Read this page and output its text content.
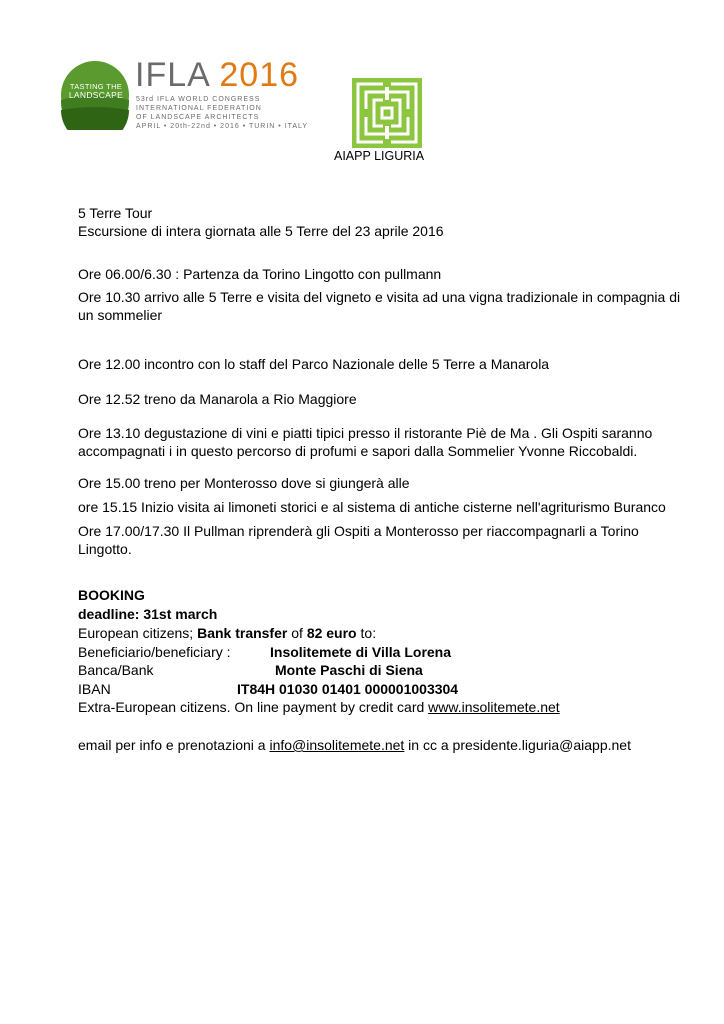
TASTING THE
LANDSCAPE
IFLA 2016
53rd IFLA WORLD CONGRESS
INTERNATIONAL FEDERATION
OF LANDSCAPE ARCHITECTS
APRIL • 20th-22nd • 2016 • TURIN • ITALY
AIAPP LIGURIA
5 Terre Tour
Escursione di intera giornata alle 5 Terre del 23 aprile 2016
Ore 06.00/6.30 : Partenza da Torino Lingotto con pullmann
Ore 10.30 arrivo alle 5 Terre e visita del vigneto e visita ad una vigna tradizionale in compagnia di un sommelier
Ore 12.00 incontro con lo staff del Parco Nazionale delle 5 Terre a Manarola
Ore 12.52 treno da Manarola a Rio Maggiore
Ore 13.10 degustazione di vini e piatti tipici presso il ristorante Piè de Ma . Gli Ospiti saranno accompagnati i in questo percorso di profumi e sapori dalla Sommelier Yvonne Riccobaldi.
Ore 15.00 treno per Monterosso dove si giungerà alle
ore 15.15 Inizio visita ai limoneti storici e al sistema di antiche cisterne nell'agriturismo Buranco
Ore 17.00/17.30 Il Pullman riprenderà gli Ospiti a Monterosso per riaccompagnarli a Torino Lingotto.
BOOKING
deadline: 31st march
European citizens; Bank transfer of 82 euro to:
Beneficiario/beneficiary :	Insolitemete di Villa Lorena
Banca/Bank	Monte Paschi di Siena
IBAN	IT84H 01030 01401 000001003304
Extra-European citizens. On line payment by credit card www.insolitemete.net
email per info e prenotazioni a info@insolitemete.net in cc a presidente.liguria@aiapp.net
